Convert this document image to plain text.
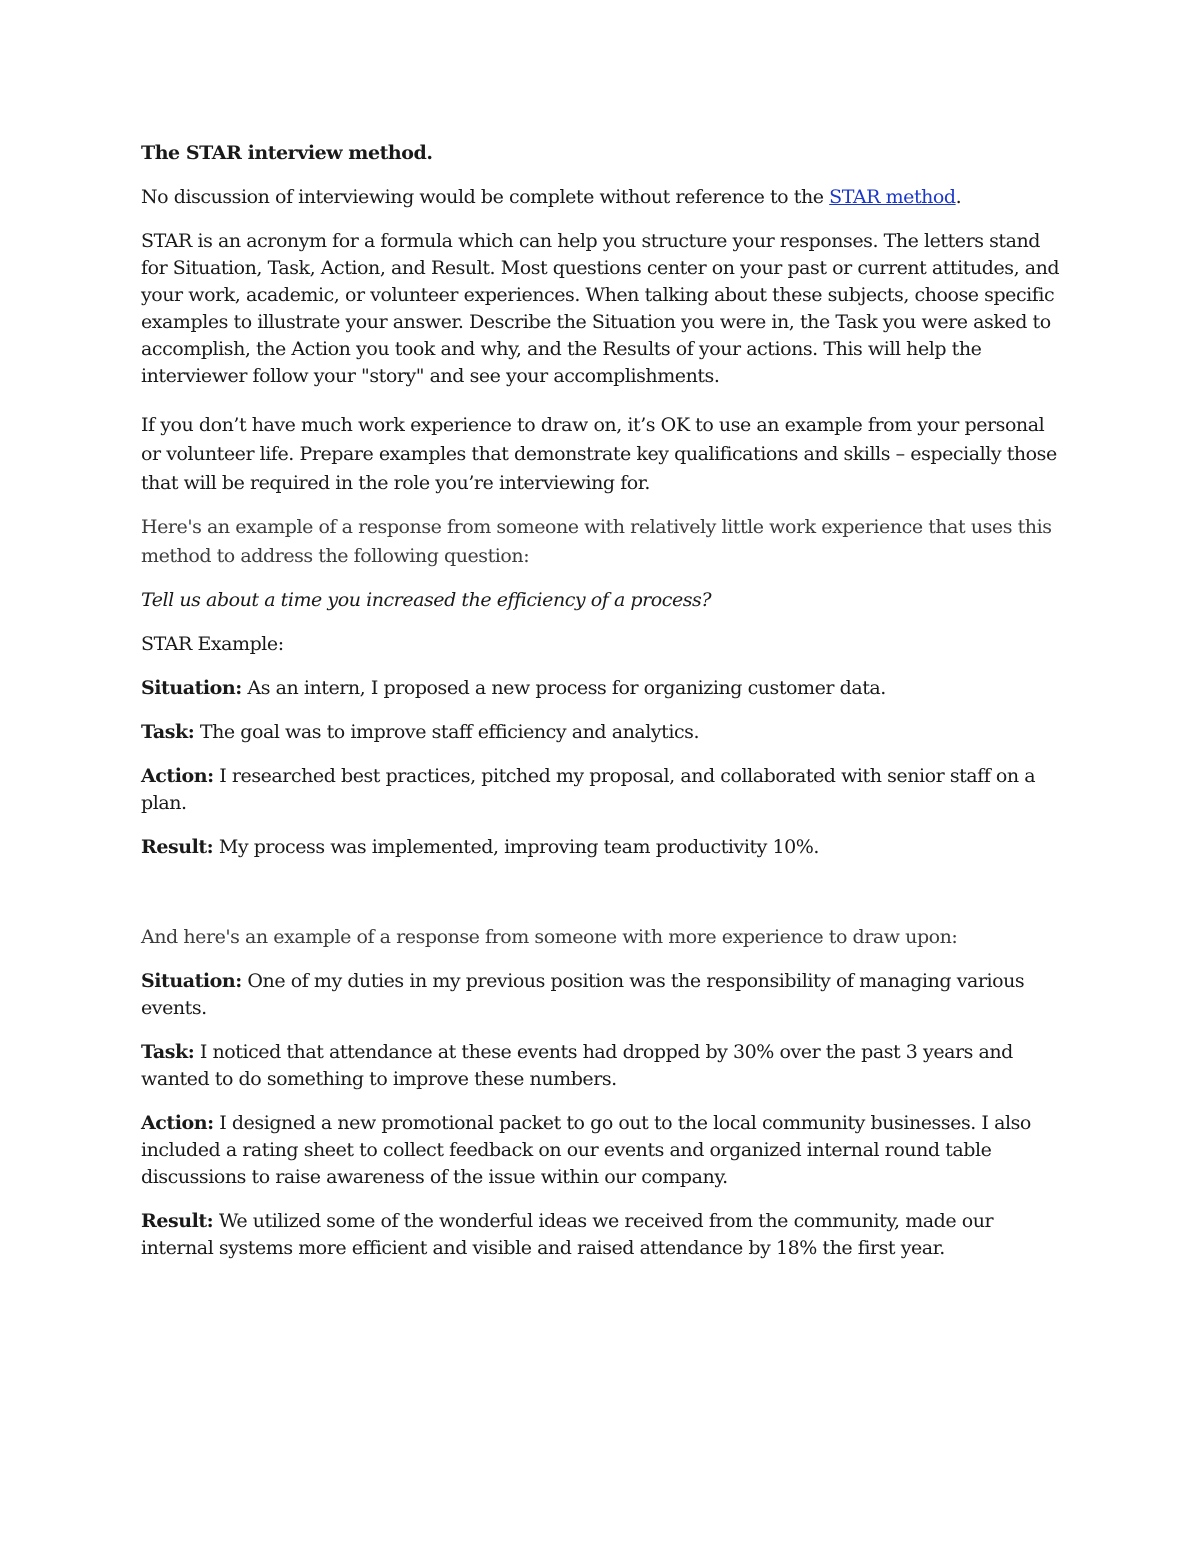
The STAR interview method.

No discussion of interviewing would be complete without reference to the STAR method.

STAR is an acronym for a formula which can help you structure your responses. The letters stand for Situation, Task, Action, and Result. Most questions center on your past or current attitudes, and your work, academic, or volunteer experiences. When talking about these subjects, choose specific examples to illustrate your answer. Describe the Situation you were in, the Task you were asked to accomplish, the Action you took and why, and the Results of your actions. This will help the interviewer follow your "story" and see your accomplishments.

If you don’t have much work experience to draw on, it’s OK to use an example from your personal or volunteer life. Prepare examples that demonstrate key qualifications and skills – especially those that will be required in the role you’re interviewing for.

Here's an example of a response from someone with relatively little work experience that uses this method to address the following question:

Tell us about a time you increased the efficiency of a process?

STAR Example:

Situation: As an intern, I proposed a new process for organizing customer data.

Task: The goal was to improve staff efficiency and analytics.

Action: I researched best practices, pitched my proposal, and collaborated with senior staff on a plan.

Result: My process was implemented, improving team productivity 10%.

And here's an example of a response from someone with more experience to draw upon:

Situation: One of my duties in my previous position was the responsibility of managing various events.

Task: I noticed that attendance at these events had dropped by 30% over the past 3 years and wanted to do something to improve these numbers.

Action: I designed a new promotional packet to go out to the local community businesses. I also included a rating sheet to collect feedback on our events and organized internal round table discussions to raise awareness of the issue within our company.

Result: We utilized some of the wonderful ideas we received from the community, made our internal systems more efficient and visible and raised attendance by 18% the first year.
